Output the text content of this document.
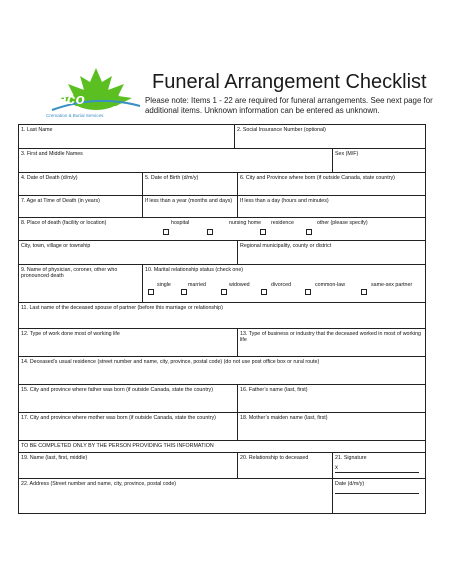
eco
Cremation & Burial Services
Funeral Arrangement Checklist
Please note: Items 1 - 22 are required for funeral arrangements. See next page for additional items. Unknown information can be entered as unknown.
1. Last Name	2. Social Insurance Number (optional)
3. First and Middle Names	Sex (M/F)
4. Date of Death (d/m/y)	5. Date of Birth (d/m/y)	6. City and Province where born (if outside Canada, state country)
7. Age at Time of Death (in years)	If less than a year (months and days)	If less than a day (hours and minutes)
8. Place of death (facility or location)	hospital	nursing home residence	other (please specify)
City, town, village or township	Regional municipality, county or district
9. Name of physician, coroner, other who pronounced death
10. Marital relationship status (check one)
single	married	widowed	divorced	common-law	same-sex partner
11. Last name of the deceased spouse of partner (before this marriage or relationship)
12. Type of work done most of working life	13. Type of business or industry that the deceased worked in most of working life
14. Deceased’s usual residence (street number and name, city, province, postal code) (do not use post office box or rural route)
15. City and province where father was born (if outside Canada, state the country)	16. Father’s name (last, first)
17. City and province where mother was born (if outside Canada, state the country)	18. Mother’s maiden name (last, first)
TO BE COMPLETED ONLY BY THE PERSON PROVIDING THIS INFORMATION
19. Name (last, first, middle)	20. Relationship to deceased	21. Signature
x
22. Address (Street number and name, city, province, postal code)	Date (d/m/y)
